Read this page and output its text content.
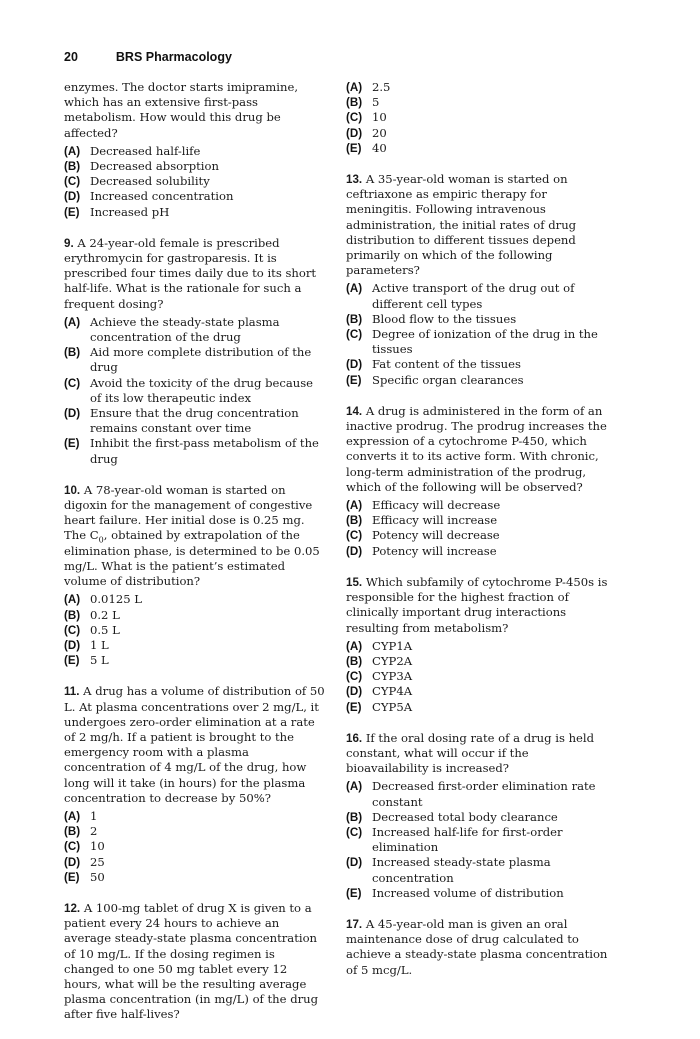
20	BRS Pharmacology

enzymes. The doctor starts imipramine, which has an extensive first-pass metabolism. How would this drug be affected?

(A) Decreased half-life
(B) Decreased absorption
(C) Decreased solubility
(D) Increased concentration
(E) Increased pH

9. A 24-year-old female is prescribed erythromycin for gastroparesis. It is prescribed four times daily due to its short half-life. What is the rationale for such a frequent dosing?

(A) Achieve the steady-state plasma concentration of the drug
(B) Aid more complete distribution of the drug
(C) Avoid the toxicity of the drug because of its low therapeutic index
(D) Ensure that the drug concentration remains constant over time
(E) Inhibit the first-pass metabolism of the drug

10. A 78-year-old woman is started on digoxin for the management of congestive heart failure. Her initial dose is 0.25 mg. The $C_0$, obtained by extrapolation of the elimination phase, is determined to be 0.05 mg/L. What is the patient’s estimated volume of distribution?

(A) 0.0125 L
(B) 0.2 L
(C) 0.5 L
(D) 1 L
(E) 5 L

11. A drug has a volume of distribution of 50 L. At plasma concentrations over 2 mg/L, it undergoes zero-order elimination at a rate of 2 mg/h. If a patient is brought to the emergency room with a plasma concentration of 4 mg/L of the drug, how long will it take (in hours) for the plasma concentration to decrease by 50%?

(A) 1
(B) 2
(C) 10
(D) 25
(E) 50

12. A 100-mg tablet of drug X is given to a patient every 24 hours to achieve an average steady-state plasma concentration of 10 mg/L. If the dosing regimen is changed to one 50 mg tablet every 12 hours, what will be the resulting average plasma concentration (in mg/L) of the drug after five half-lives?

(A) 2.5
(B) 5
(C) 10
(D) 20
(E) 40

13. A 35-year-old woman is started on ceftriaxone as empiric therapy for meningitis. Following intravenous administration, the initial rates of drug distribution to different tissues depend primarily on which of the following parameters?

(A) Active transport of the drug out of different cell types
(B) Blood flow to the tissues
(C) Degree of ionization of the drug in the tissues
(D) Fat content of the tissues
(E) Specific organ clearances

14. A drug is administered in the form of an inactive prodrug. The prodrug increases the expression of a cytochrome P-450, which converts it to its active form. With chronic, long-term administration of the prodrug, which of the following will be observed?

(A) Efficacy will decrease
(B) Efficacy will increase
(C) Potency will decrease
(D) Potency will increase

15. Which subfamily of cytochrome P-450s is responsible for the highest fraction of clinically important drug interactions resulting from metabolism?

(A) CYP1A
(B) CYP2A
(C) CYP3A
(D) CYP4A
(E) CYP5A

16. If the oral dosing rate of a drug is held constant, what will occur if the bioavailability is increased?

(A) Decreased first-order elimination rate constant
(B) Decreased total body clearance
(C) Increased half-life for first-order elimination
(D) Increased steady-state plasma concentration
(E) Increased volume of distribution

17. A 45-year-old man is given an oral maintenance dose of drug calculated to achieve a steady-state plasma concentration of 5 mcg/L.
